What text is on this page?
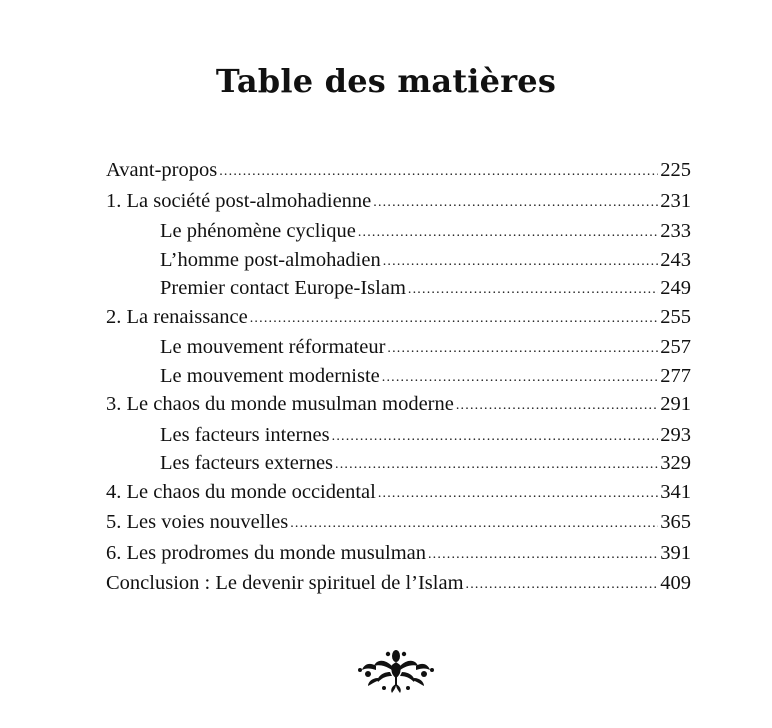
Table des matières
Avant-propos .....	225
1. La société post-almohadienne .....	231
Le phénomène cyclique .....	233
L’homme post-almohadien .....	243
Premier contact Europe-Islam .....	249
2. La renaissance .....	255
Le mouvement réformateur .....	257
Le mouvement moderniste .....	277
3. Le chaos du monde musulman moderne .....	291
Les facteurs internes .....	293
Les facteurs externes .....	329
4. Le chaos du monde occidental .....	341
5. Les voies nouvelles .....	365
6. Les prodromes du monde musulman .....	391
Conclusion : Le devenir spirituel de l’Islam .....	409
